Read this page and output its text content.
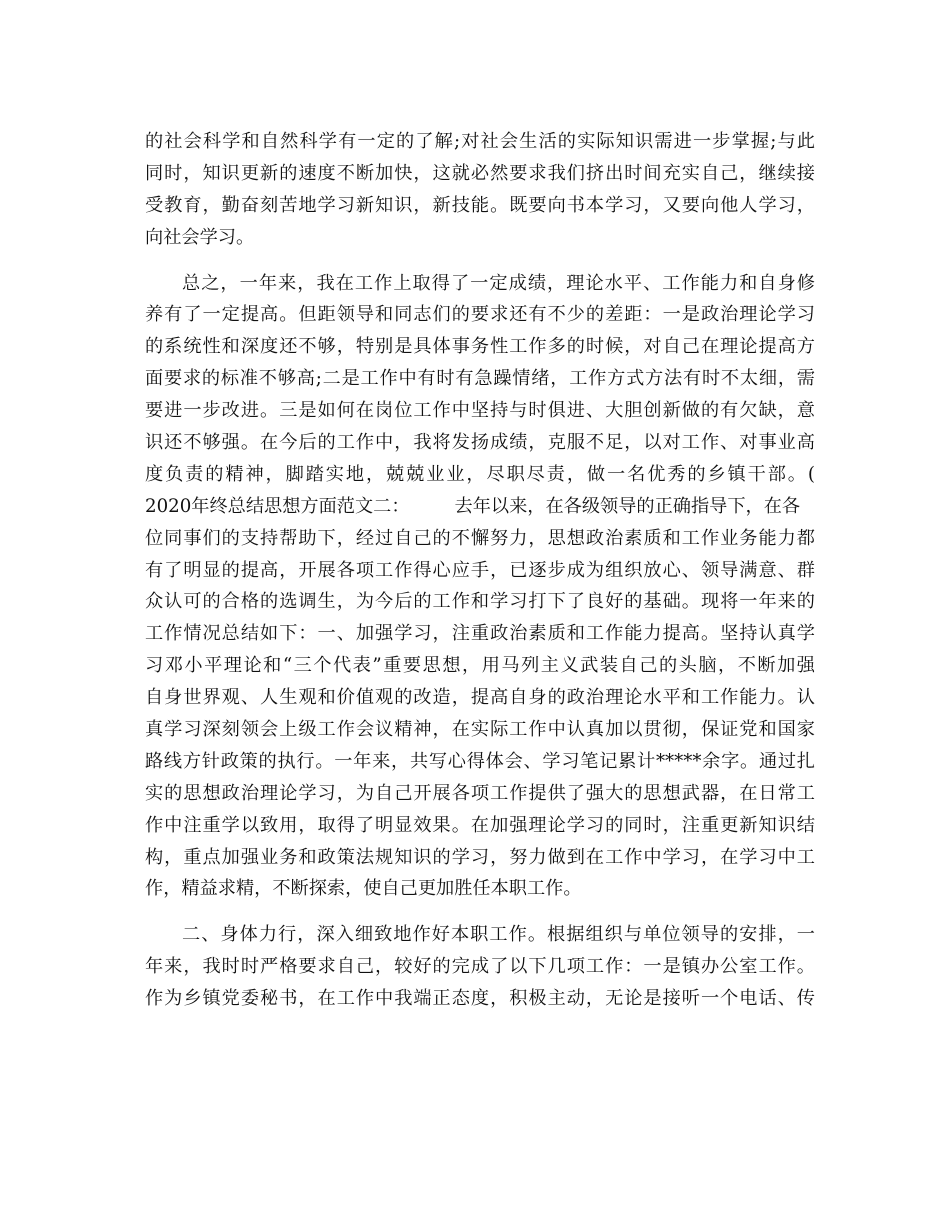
的社会科学和自然科学有一定的了解;对社会生活的实际知识需进一步掌握;与此
同时，知识更新的速度不断加快，这就必然要求我们挤出时间充实自己，继续接
受教育，勤奋刻苦地学习新知识，新技能。既要向书本学习，又要向他人学习，
向社会学习。
总之，一年来，我在工作上取得了一定成绩，理论水平、工作能力和自身修
养有了一定提高。但距领导和同志们的要求还有不少的差距：一是政治理论学习
的系统性和深度还不够，特别是具体事务性工作多的时候，对自己在理论提高方
面要求的标准不够高;二是工作中有时有急躁情绪，工作方式方法有时不太细，需
要进一步改进。三是如何在岗位工作中坚持与时俱进、大胆创新做的有欠缺，意
识还不够强。在今后的工作中，我将发扬成绩，克服不足，以对工作、对事业高
度负责的精神，脚踏实地，兢兢业业，尽职尽责，做一名优秀的乡镇干部。(
2020年终总结思想方面范文二： 去年以来，在各级领导的正确指导下，在各
位同事们的支持帮助下，经过自己的不懈努力，思想政治素质和工作业务能力都
有了明显的提高，开展各项工作得心应手，已逐步成为组织放心、领导满意、群
众认可的合格的选调生，为今后的工作和学习打下了良好的基础。现将一年来的
工作情况总结如下：一、加强学习，注重政治素质和工作能力提高。坚持认真学
习邓小平理论和“三个代表”重要思想，用马列主义武装自己的头脑，不断加强
自身世界观、人生观和价值观的改造，提高自身的政治理论水平和工作能力。认
真学习深刻领会上级工作会议精神，在实际工作中认真加以贯彻，保证党和国家
路线方针政策的执行。一年来，共写心得体会、学习笔记累计*****余字。通过扎
实的思想政治理论学习，为自己开展各项工作提供了强大的思想武器，在日常工
作中注重学以致用，取得了明显效果。在加强理论学习的同时，注重更新知识结
构，重点加强业务和政策法规知识的学习，努力做到在工作中学习，在学习中工
作，精益求精，不断探索，使自己更加胜任本职工作。
二、身体力行，深入细致地作好本职工作。根据组织与单位领导的安排，一
年来，我时时严格要求自己，较好的完成了以下几项工作：一是镇办公室工作。
作为乡镇党委秘书，在工作中我端正态度，积极主动，无论是接听一个电话、传
